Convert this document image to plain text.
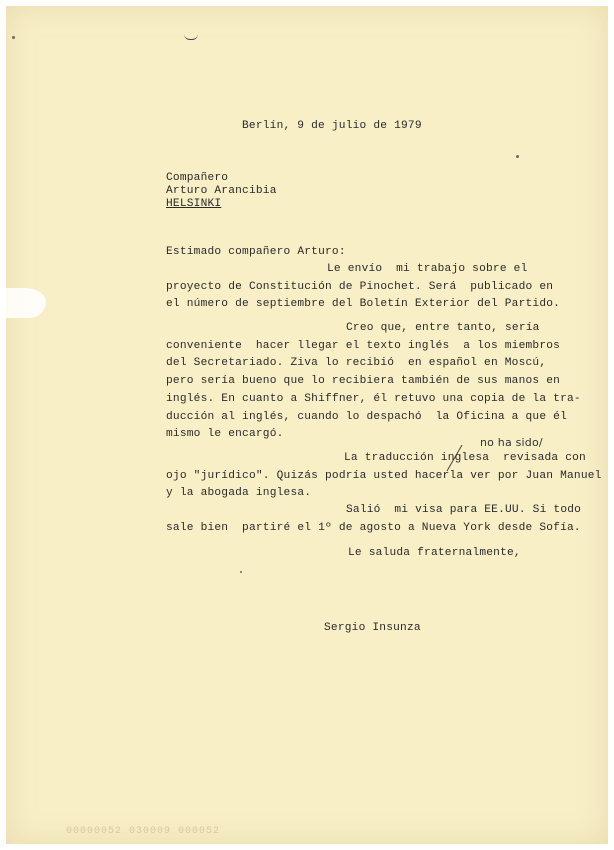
Berlín, 9 de julio de 1979
Compañero
Arturo Arancibia
HELSINKI
Estimado compañero Arturo:
Le envío  mi trabajo sobre el
proyecto de Constitución de Pinochet. Será  publicado en
el número de septiembre del Boletín Exterior del Partido.
Creo que, entre tanto, sería
conveniente  hacer llegar el texto inglés  a los miembros
del Secretariado. Ziva lo recibió  en español en Moscú,
pero sería bueno que lo recibiera también de sus manos en
inglés. En cuanto a Shiffner, él retuvo una copia de la tra-
ducción al inglés, cuando lo despachó  la Oficina a que él
mismo le encargó.
no ha sido/
La traducción inglesa  revisada con
ojo "jurídico". Quizás podría usted hacerla ver por Juan Manuel
y la abogada inglesa.
Salió  mi visa para EE.UU. Si todo
sale bien  partiré el 1º de agosto a Nueva York desde Sofía.
Le saluda fraternalmente,
Sergio Insunza
00000052 030009 000052
